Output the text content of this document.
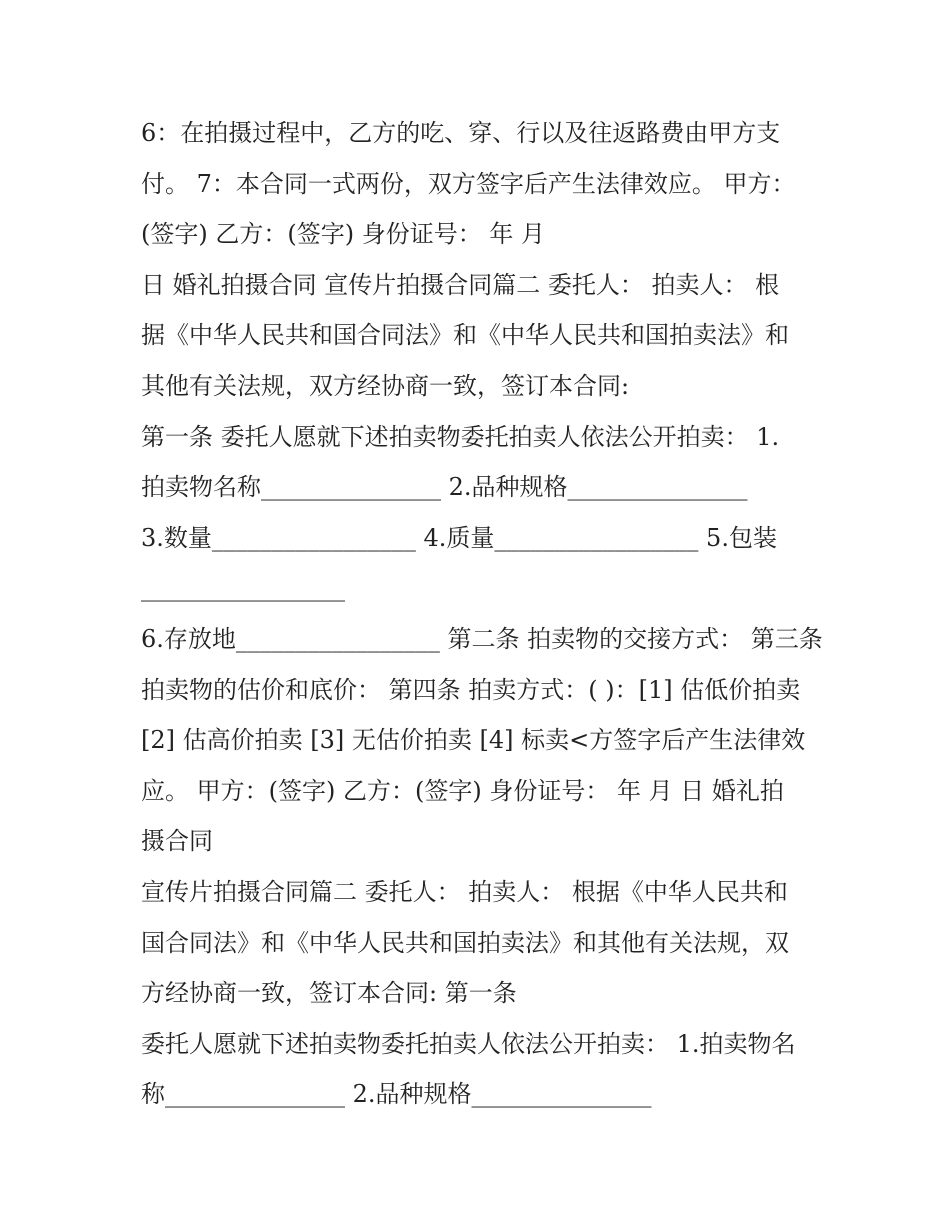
6：在拍摄过程中，乙方的吃、穿、行以及往返路费由甲方支

付。 7：本合同一式两份，双方签字后产生法律效应。 甲方：

(签字) 乙方：(签字) 身份证号： 年 月

日 婚礼拍摄合同 宣传片拍摄合同篇二 委托人： 拍卖人： 根

据《中华人民共和国合同法》和《中华人民共和国拍卖法》和

其他有关法规，双方经协商一致，签订本合同:

第一条 委托人愿就下述拍卖物委托拍卖人依法公开拍卖： 1.

拍卖物名称_______________ 2.品种规格_______________

3.数量_________________ 4.质量_________________ 5.包装

_________________

6.存放地_________________ 第二条 拍卖物的交接方式： 第三条

拍卖物的估价和底价： 第四条 拍卖方式：( )：[1] 估低价拍卖

[2] 估高价拍卖 [3] 无估价拍卖 [4] 标卖<方签字后产生法律效

应。 甲方：(签字) 乙方：(签字) 身份证号： 年 月 日 婚礼拍

摄合同

宣传片拍摄合同篇二 委托人： 拍卖人： 根据《中华人民共和

国合同法》和《中华人民共和国拍卖法》和其他有关法规，双

方经协商一致，签订本合同: 第一条

委托人愿就下述拍卖物委托拍卖人依法公开拍卖： 1.拍卖物名

称_______________ 2.品种规格_______________
